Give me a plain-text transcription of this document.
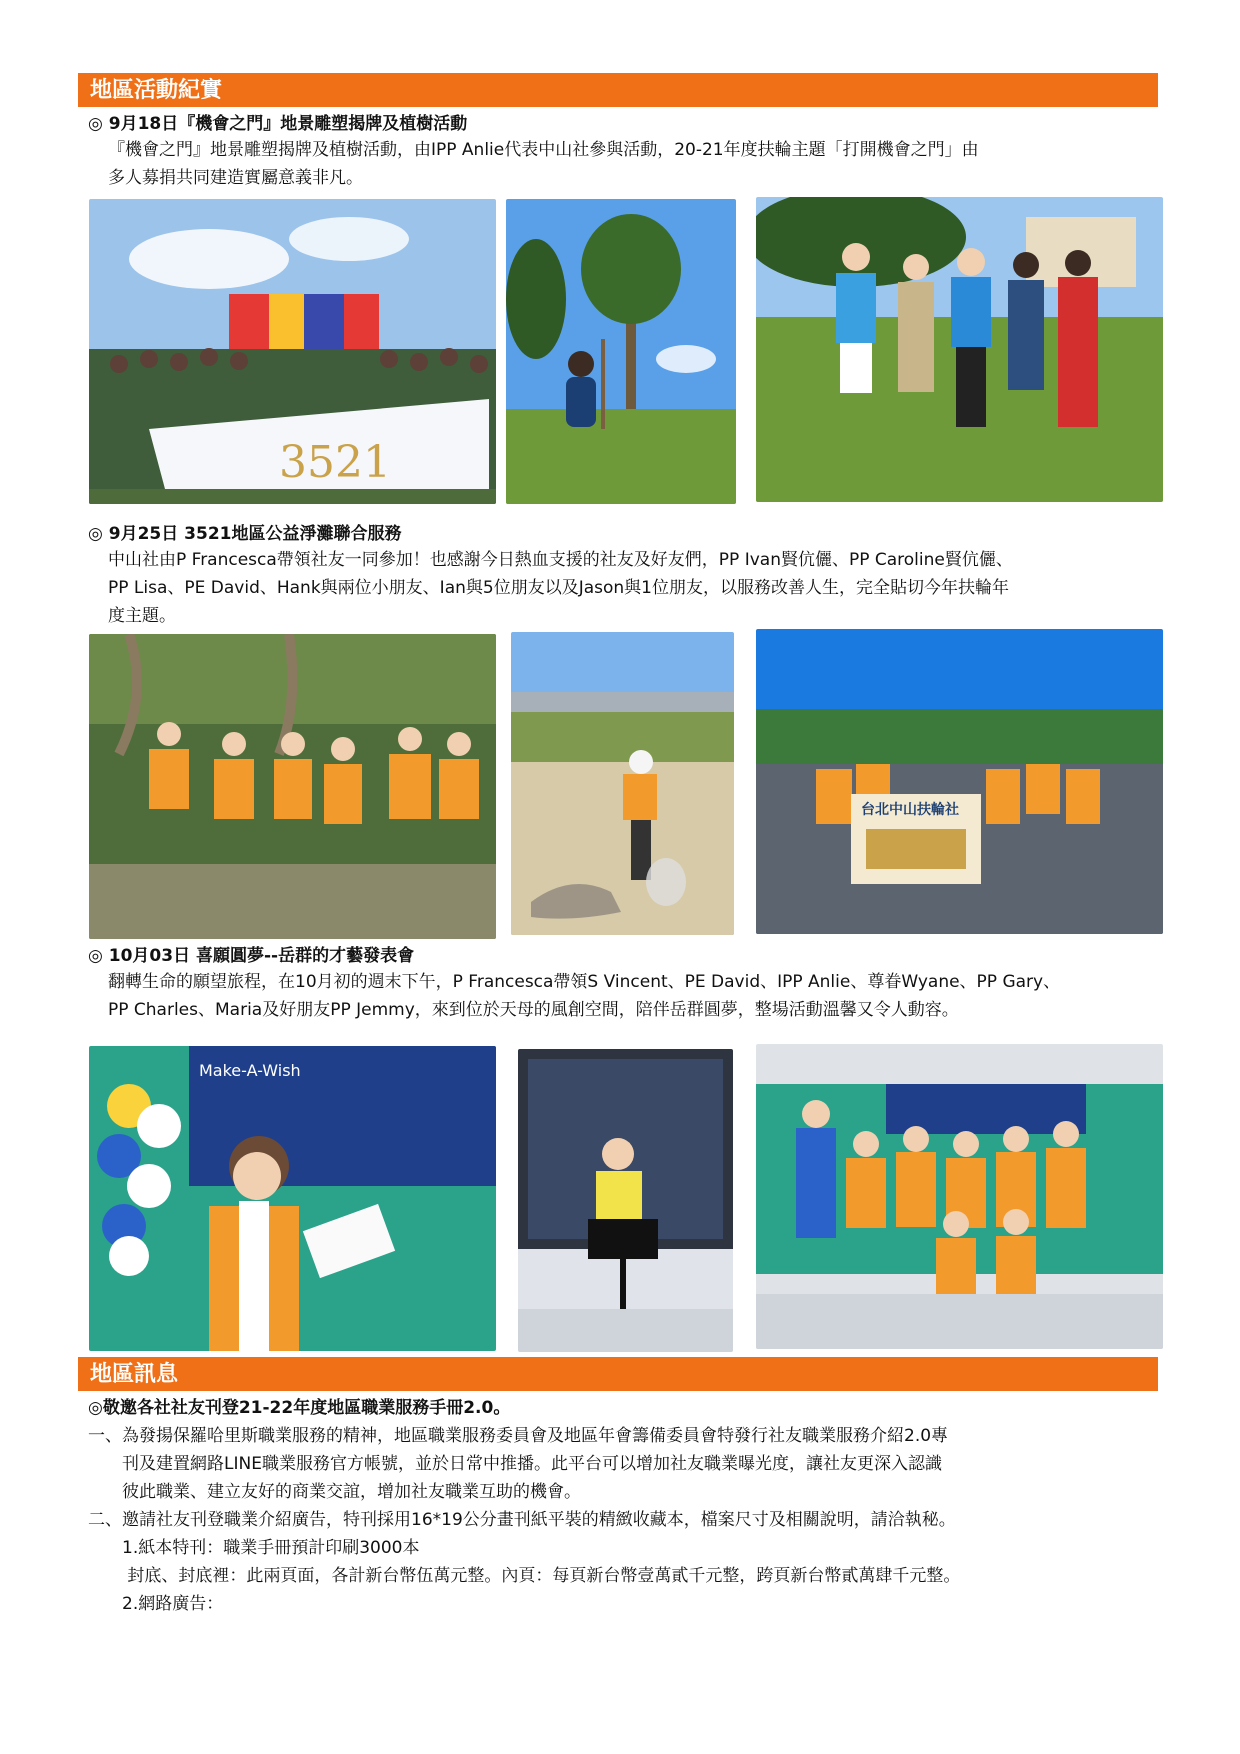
地區活動紀實
◎ 9月18日『機會之門』地景雕塑揭牌及植樹活動

『機會之門』地景雕塑揭牌及植樹活動，由IPP Anlie代表中山社參與活動，20-21年度扶輪主題「打開機會之門」由

多人募捐共同建造實屬意義非凡。

3521
◎ 9月25日 3521地區公益淨灘聯合服務

中山社由P Francesca帶領社友一同參加！也感謝今日熱血支援的社友及好友們，PP Ivan賢伉儷、PP Caroline賢伉儷、

PP Lisa、PE David、Hank與兩位小朋友、Ian與5位朋友以及Jason與1位朋友，以服務改善人生，完全貼切今年扶輪年

度主題。

台北中山扶輪社
◎ 10月03日 喜願圓夢--岳群的才藝發表會

翻轉生命的願望旅程，在10月初的週末下午，P Francesca帶領S Vincent、PE David、IPP Anlie、尊眷Wyane、PP Gary、

PP Charles、Maria及好朋友PP Jemmy，來到位於天母的風創空間，陪伴岳群圓夢，整場活動溫馨又令人動容。

Make-A-Wish
地區訊息
◎敬邀各社社友刊登21-22年度地區職業服務手冊2.0。

一、為發揚保羅哈里斯職業服務的精神，地區職業服務委員會及地區年會籌備委員會特發行社友職業服務介紹2.0專

　　刊及建置網路LINE職業服務官方帳號，並於日常中推播。此平台可以增加社友職業曝光度，讓社友更深入認識

　　彼此職業、建立友好的商業交誼，增加社友職業互助的機會。

二、邀請社友刊登職業介紹廣告，特刊採用16*19公分畫刊紙平裝的精緻收藏本，檔案尺寸及相關說明，請洽執秘。

　　1.紙本特刊：職業手冊預計印刷3000本

　　 封底、封底裡：此兩頁面，各計新台幣伍萬元整。內頁：每頁新台幣壹萬貳千元整，跨頁新台幣貳萬肆千元整。

　　2.網路廣告：
